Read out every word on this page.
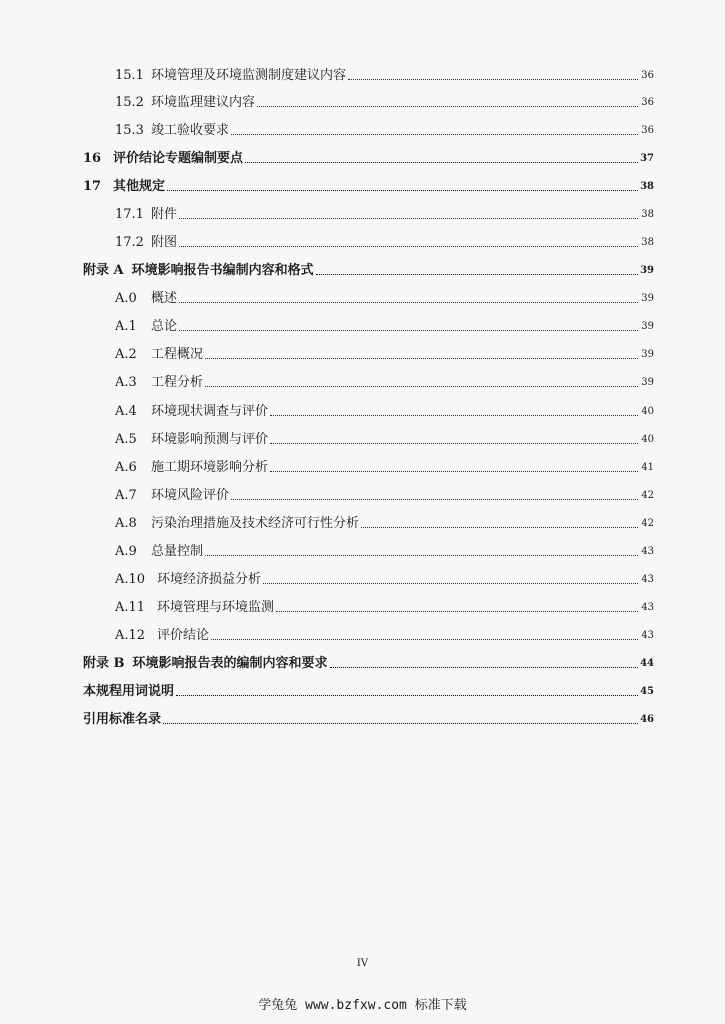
15.1 环境管理及环境监测制度建议内容	36
15.2 环境监理建议内容	36
15.3 竣工验收要求	36
16 评价结论专题编制要点	37
17 其他规定	38
17.1 附件	38
17.2 附图	38
附录 A 环境影响报告书编制内容和格式	39
A.0	概述	39
A.1	总论	39
A.2	工程概况	39
A.3	工程分析	39
A.4	环境现状调查与评价	40
A.5	环境影响预测与评价	40
A.6	施工期环境影响分析	41
A.7	环境风险评价	42
A.8	污染治理措施及技术经济可行性分析	42
A.9	总量控制	43
A.10 环境经济损益分析	43
A.11 环境管理与环境监测	43
A.12 评价结论	43
附录 B 环境影响报告表的编制内容和要求	44
本规程用词说明	45
引用标准名录	46
IV
学兔兔 www.bzfxw.com 标准下载
